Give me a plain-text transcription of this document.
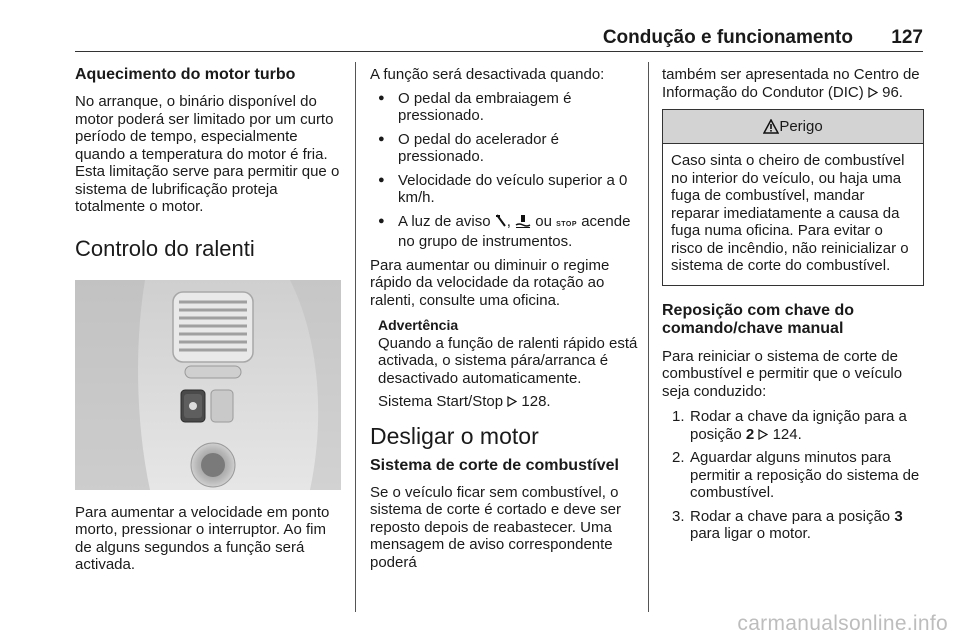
Condução e funcionamento 127
Aquecimento do motor turbo

No arranque, o binário disponível do motor poderá ser limitado por um curto período de tempo, especialmente quando a temperatura do motor é fria. Esta limitação serve para permitir que o sistema de lubrificação proteja totalmente o motor.

Controlo do ralenti

Para aumentar a velocidade em ponto morto, pressionar o interruptor. Ao fim de alguns segundos a função será activada.

A função será desactivada quando:

● O pedal da embraiagem é pressionado.
● O pedal do acelerador é pressionado.
● Velocidade do veículo superior a 0 km/h.
● A luz de aviso ,  ou STOP acende no grupo de instrumentos.

Para aumentar ou diminuir o regime rápido da velocidade da rotação ao ralenti, consulte uma oficina.

Advertência

Quando a função de ralenti rápido está activada, o sistema pára/arranca é desactivado automaticamente.

Sistema Start/Stop 128.

Desligar o motor
Sistema de corte de combustível

Se o veículo ficar sem combustível, o sistema de corte é cortado e deve ser reposto depois de reabastecer. Uma mensagem de aviso correspondente poderá

também ser apresentada no Centro de Informação do Condutor (DIC) 96.

Perigo
Caso sinta o cheiro de combustível no interior do veículo, ou haja uma fuga de combustível, mandar reparar imediatamente a causa da fuga numa oficina. Para evitar o risco de incêndio, não reinicializar o sistema de corte do combustível.
Reposição com chave do comando/chave manual

Para reiniciar o sistema de corte de combustível e permitir que o veículo seja conduzido:

1. Rodar a chave da ignição para a posição 2 124.
2. Aguardar alguns minutos para permitir a reposição do sistema de combustível.
3. Rodar a chave para a posição 3 para ligar o motor.
carmanualsonline.info
